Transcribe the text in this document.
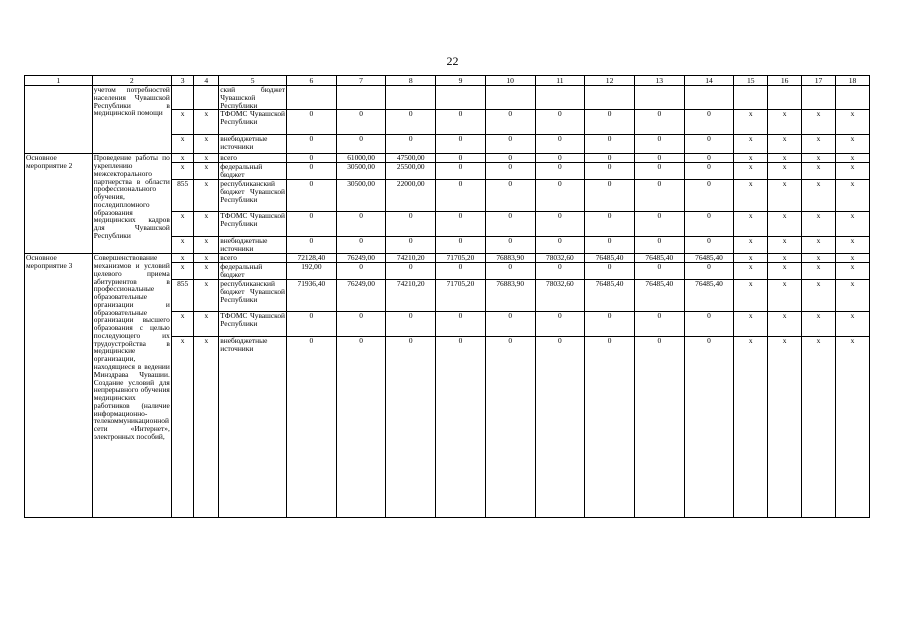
22
1	2	3	4	5	6	7	8	9	10	11	12	13	14	15	16	17	18
	учетом потребностей населения Чувашской Республики в медицинской помощи			ский бюджет Чувашской Республики													
		x	x	ТФОМС Чувашской Республики	0	0	0	0	0	0	0	0	0	x	x	x	x
		x	x	внебюджетные источники	0	0	0	0	0	0	0	0	0	x	x	x	x
Основное мероприятие 2	Проведение работы по укреплению межсекторального партнерства в области профессионального обучения, последипломного образования медицинских кадров для Чувашской Республики	x	x	всего	0	61000,00	47500,00	0	0	0	0	0	0	x	x	x	x
		x	x	федеральный бюджет	0	30500,00	25500,00	0	0	0	0	0	0	x	x	x	x
		855	x	республиканский бюджет Чувашской Республики	0	30500,00	22000,00	0	0	0	0	0	0	x	x	x	x
		x	x	ТФОМС Чувашской Республики	0	0	0	0	0	0	0	0	0	x	x	x	x
		x	x	внебюджетные источники	0	0	0	0	0	0	0	0	0	x	x	x	x
Основное мероприятие 3	Совершенствование механизмов и условий целевого приема абитуриентов в профессиональные образовательные организации и образовательные организации высшего образования с целью последующего их трудоустройства в медицинские организации, находящиеся в ведении Минздрава Чувашии. Создание условий для непрерывного обучения медицинских работников (наличие информационно-телекоммуникационной сети «Интернет», электронных пособий,	x	x	всего	72128,40	76249,00	74210,20	71705,20	76883,90	78032,60	76485,40	76485,40	76485,40	x	x	x	x
		x	x	федеральный бюджет	192,00	0	0	0	0	0	0	0	0	x	x	x	x
		855	x	республиканский бюджет Чувашской Республики	71936,40	76249,00	74210,20	71705,20	76883,90	78032,60	76485,40	76485,40	76485,40	x	x	x	x
		x	x	ТФОМС Чувашской Республики	0	0	0	0	0	0	0	0	0	x	x	x	x
		x	x	внебюджетные источники	0	0	0	0	0	0	0	0	0	x	x	x	x
